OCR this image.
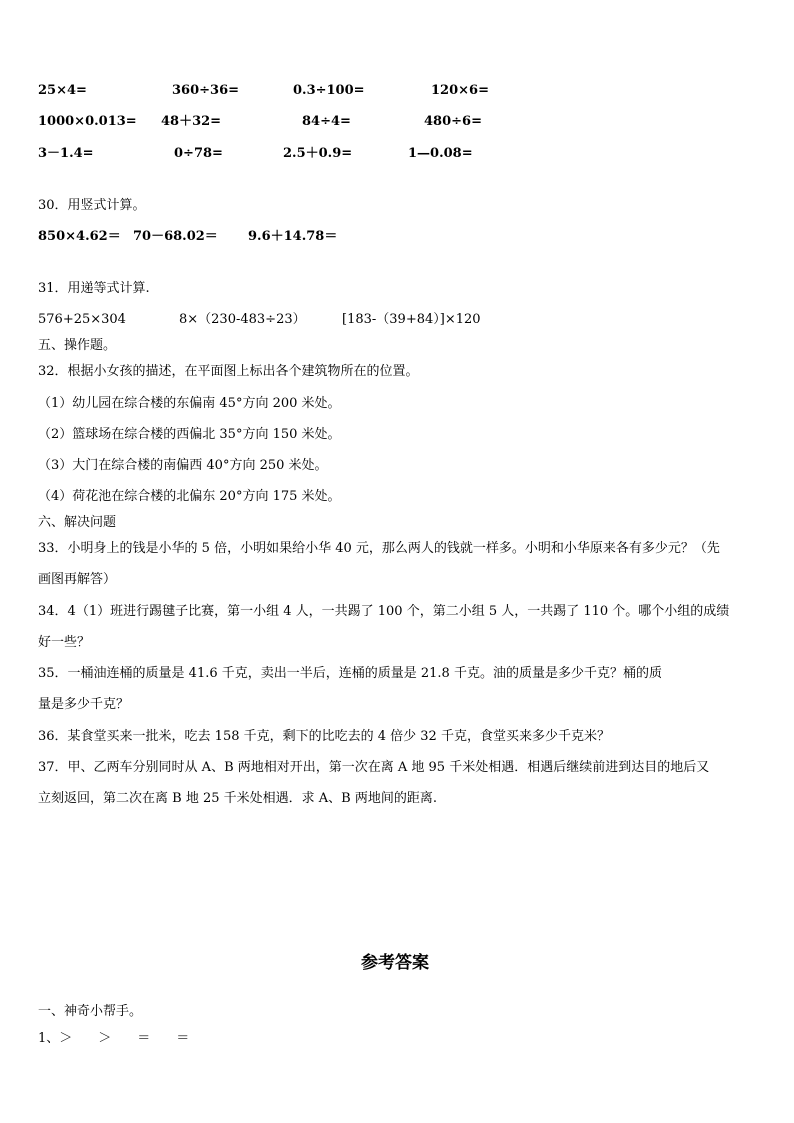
25×4=	360÷36=	0.3÷100=	120×6=
1000×0.013= 48＋32=	84÷4=	480÷6=
3－1.4=	0÷78=	2.5＋0.9=	1—0.08=
30．用竖式计算。
850×4.62＝ 70－68.02＝ 9.6＋14.78＝
31．用递等式计算.
576+25×304	8×（230-483÷23）	[183-（39+84）]×120
五、操作题。
32．根据小女孩的描述，在平面图上标出各个建筑物所在的位置。
（1）幼儿园在综合楼的东偏南 45°方向 200 米处。
（2）篮球场在综合楼的西偏北 35°方向 150 米处。
（3）大门在综合楼的南偏西 40°方向 250 米处。
（4）荷花池在综合楼的北偏东 20°方向 175 米处。
六、解决问题
33．小明身上的钱是小华的 5 倍，小明如果给小华 40 元，那么两人的钱就一样多。小明和小华原来各有多少元？（先
画图再解答）
34．4（1）班进行踢毽子比赛，第一小组 4 人，一共踢了 100 个，第二小组 5 人，一共踢了 110 个。哪个小组的成绩
好一些？
35．一桶油连桶的质量是 41.6 千克，卖出一半后，连桶的质量是 21.8 千克。油的质量是多少千克？桶的质
量是多少千克？
36．某食堂买来一批米，吃去 158 千克，剩下的比吃去的 4 倍少 32 千克，食堂买来多少千克米？
37．甲、乙两车分别同时从 A、B 两地相对开出，第一次在离 A 地 95 千米处相遇．相遇后继续前进到达目的地后又
立刻返回，第二次在离 B 地 25 千米处相遇．求 A、B 两地间的距离.
参考答案
一、神奇小帮手。
1、＞　　＞　　＝　　＝
